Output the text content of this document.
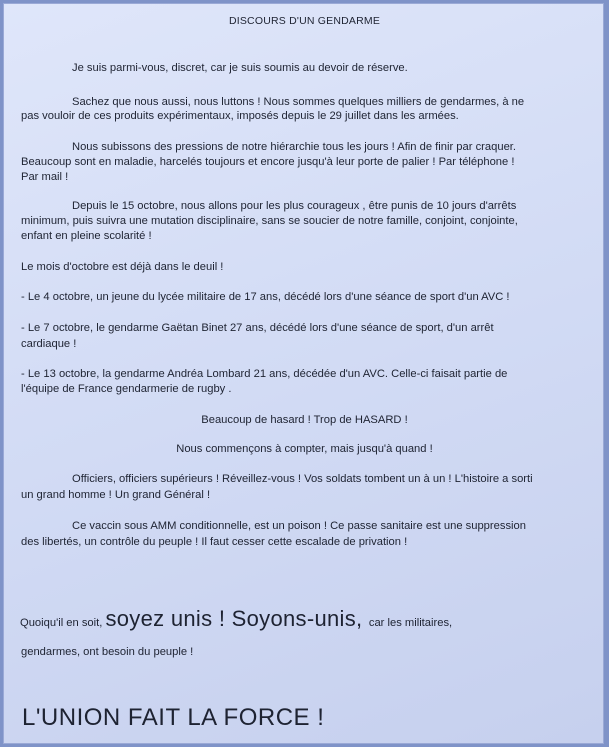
DISCOURS D'UN GENDARME
Je suis parmi-vous, discret, car je suis soumis au devoir de réserve.
Sachez que nous aussi, nous luttons ! Nous sommes quelques milliers de gendarmes, à ne
pas vouloir de ces produits expérimentaux, imposés depuis le 29 juillet dans les armées.
Nous subissons des pressions de notre hiérarchie tous les jours ! Afin de finir par craquer.
Beaucoup sont en maladie, harcelés toujours et encore jusqu'à leur porte de palier ! Par téléphone !
Par mail !
Depuis le 15 octobre, nous allons pour les plus courageux , être punis de 10 jours d'arrêts
minimum, puis suivra une mutation disciplinaire, sans se soucier de notre famille, conjoint, conjointe,
enfant en pleine scolarité !
Le mois d'octobre est déjà dans le deuil !
- Le 4 octobre, un jeune du lycée militaire de 17 ans, décédé lors d'une séance de sport d'un AVC !
- Le 7 octobre, le gendarme Gaëtan Binet 27 ans, décédé lors d'une séance de sport, d'un arrêt
cardiaque !
- Le 13 octobre, la gendarme Andréa Lombard 21 ans, décédée d'un AVC. Celle-ci faisait partie de
l'équipe de France gendarmerie de rugby .
Beaucoup de hasard ! Trop de HASARD !
Nous commençons à compter, mais jusqu'à quand !
Officiers, officiers supérieurs ! Réveillez-vous ! Vos soldats tombent un à un ! L'histoire a sorti
un grand homme ! Un grand Général !
Ce vaccin sous AMM conditionnelle, est un poison ! Ce passe sanitaire est une suppression
des libertés, un contrôle du peuple ! Il faut cesser cette escalade de privation !
Quoiqu'il en soit, soyez unis ! Soyons-unis, car les militaires,
gendarmes, ont besoin du peuple !
L'UNION FAIT LA FORCE !
